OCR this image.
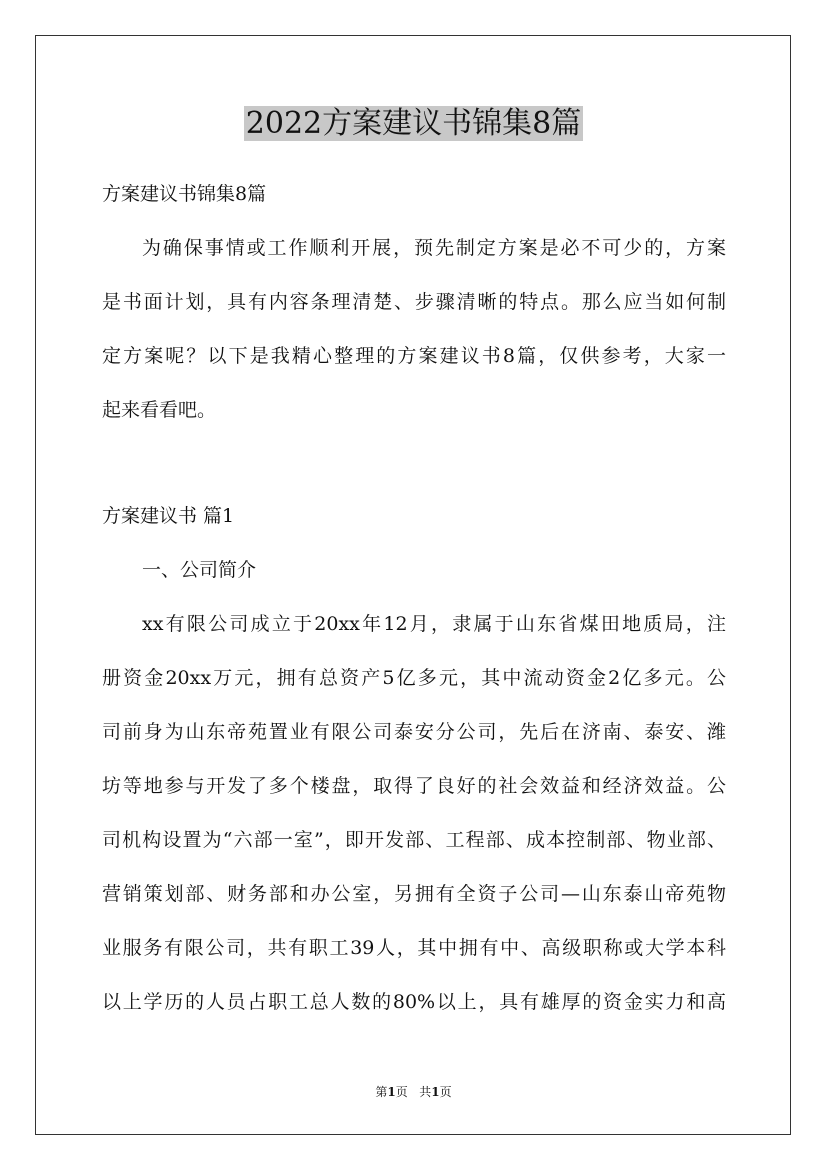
2022方案建议书锦集8篇
方案建议书锦集8篇
为确保事情或工作顺利开展，预先制定方案是必不可少的，方案
是书面计划，具有内容条理清楚、步骤清晰的特点。那么应当如何制
定方案呢？以下是我精心整理的方案建议书8篇，仅供参考，大家一
起来看看吧。
方案建议书 篇1
一、公司简介
xx有限公司成立于20xx年12月，隶属于山东省煤田地质局，注
册资金20xx万元，拥有总资产5亿多元，其中流动资金2亿多元。公
司前身为山东帝苑置业有限公司泰安分公司，先后在济南、泰安、潍
坊等地参与开发了多个楼盘，取得了良好的社会效益和经济效益。公
司机构设置为“六部一室”，即开发部、工程部、成本控制部、物业部、
营销策划部、财务部和办公室，另拥有全资子公司—山东泰山帝苑物
业服务有限公司，共有职工39人，其中拥有中、高级职称或大学本科
以上学历的人员占职工总人数的80%以上，具有雄厚的资金实力和高
第1页 共1页
